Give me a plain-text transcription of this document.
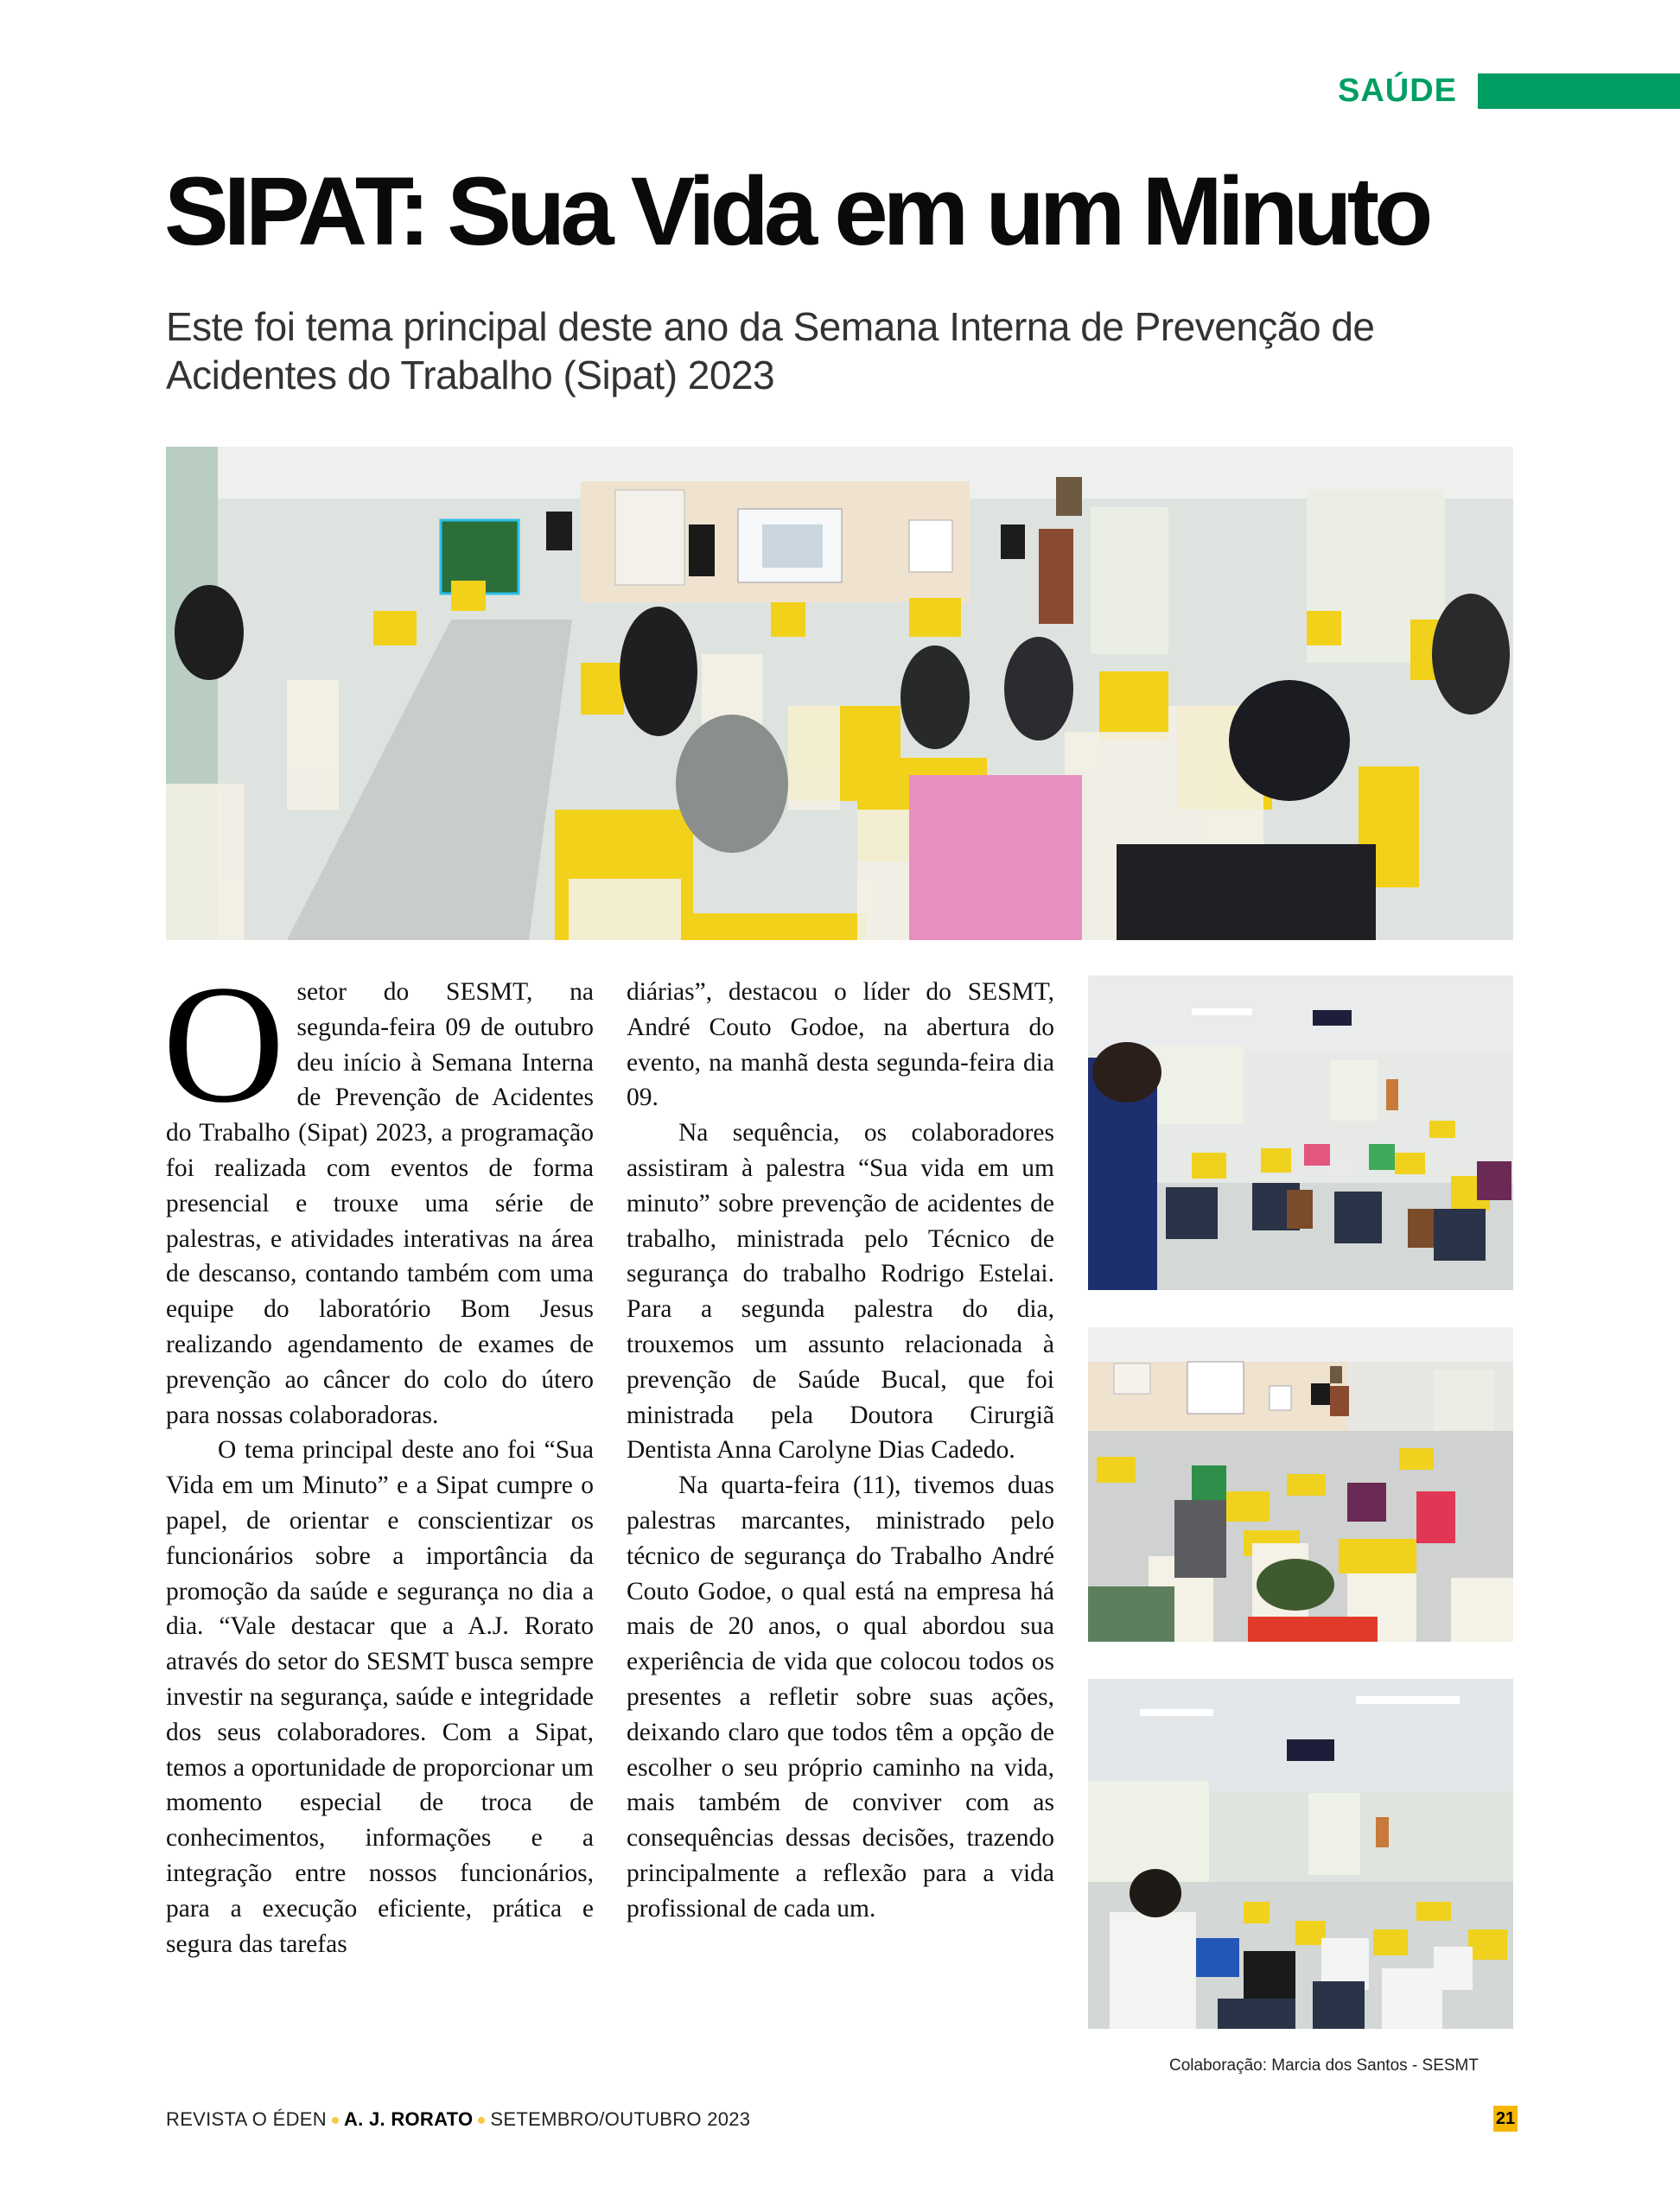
SAÚDE
SIPAT: Sua Vida em um Minuto
Este foi tema principal deste ano da Semana Interna de Prevenção de Acidentes do Trabalho (Sipat) 2023

Osetor do SESMT, na segunda-feira 09 de outubro deu início à Semana Interna de Prevenção de Acidentes do Trabalho (Sipat) 2023, a programação foi realizada com eventos de forma presencial e trouxe uma série de palestras, e atividades interativas na área de descanso, contando também com uma equipe do laboratório Bom Jesus realizando agendamento de exames de prevenção ao câncer do colo do útero para nossas colaboradoras.

O tema principal deste ano foi “Sua Vida em um Minuto” e a Sipat cumpre o papel, de orientar e conscientizar os funcionários sobre a importância da promoção da saúde e segurança no dia a dia. “Vale destacar que a A.J. Rorato através do setor do SESMT busca sempre investir na segurança, saúde e integridade dos seus colaboradores. Com a Sipat, temos a oportunidade de proporcionar um momento especial de troca de conhecimentos, informações e a integração entre nossos funcionários, para a execução eficiente, prática e segura das tarefas

diárias”, destacou o líder do SESMT, André Couto Godoe, na abertura do evento, na manhã desta segunda-feira dia 09.

Na sequência, os colaboradores assistiram à palestra “Sua vida em um minuto” sobre prevenção de acidentes de trabalho, ministrada pelo Técnico de segurança do trabalho Rodrigo Estelai. Para a segunda palestra do dia, trouxemos um assunto relacionada à prevenção de Saúde Bucal, que foi ministrada pela Doutora Cirurgiã Dentista Anna Carolyne Dias Cadedo.

Na quarta-feira (11), tivemos duas palestras marcantes, ministrado pelo técnico de segurança do Trabalho André Couto Godoe, o qual está na empresa há mais de 20 anos, o qual abordou sua experiência de vida que colocou todos os presentes a refletir sobre suas ações, deixando claro que todos têm a opção de escolher o seu próprio caminho na vida, mais também de conviver com as consequências dessas decisões, trazendo principalmente a reflexão para a vida profissional de cada um.

Colaboração: Marcia dos Santos - SESMT
REVISTA O ÉDEN A. J. RORATO SETEMBRO/OUTUBRO 2023	21
